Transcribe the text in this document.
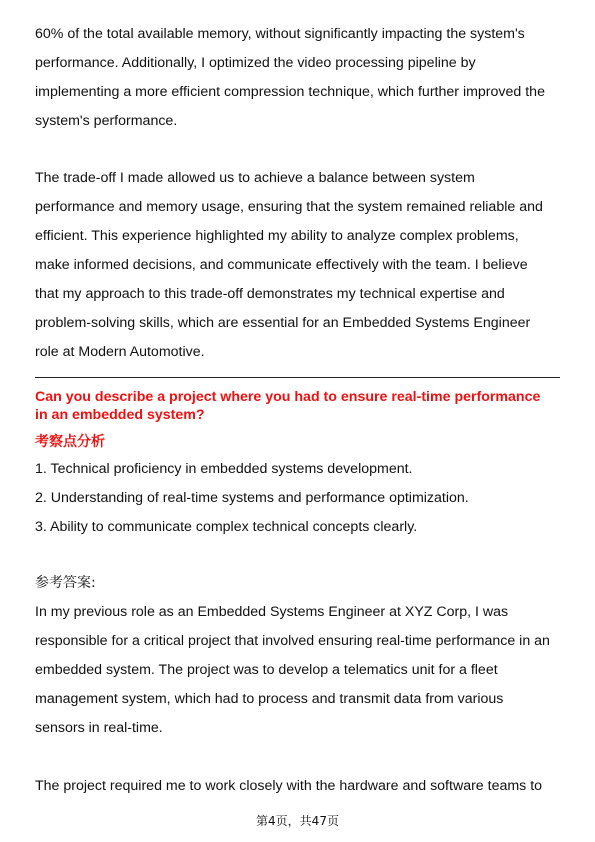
60% of the total available memory, without significantly impacting the system's
performance. Additionally, I optimized the video processing pipeline by
implementing a more efficient compression technique, which further improved the
system's performance.

The trade-off I made allowed us to achieve a balance between system
performance and memory usage, ensuring that the system remained reliable and
efficient. This experience highlighted my ability to analyze complex problems,
make informed decisions, and communicate effectively with the team. I believe
that my approach to this trade-off demonstrates my technical expertise and
problem-solving skills, which are essential for an Embedded Systems Engineer
role at Modern Automotive.

Can you describe a project where you had to ensure real-time performance
in an embedded system?
考察点分析
1. Technical proficiency in embedded systems development.
2. Understanding of real-time systems and performance optimization.
3. Ability to communicate complex technical concepts clearly.

参考答案:

In my previous role as an Embedded Systems Engineer at XYZ Corp, I was
responsible for a critical project that involved ensuring real-time performance in an
embedded system. The project was to develop a telematics unit for a fleet
management system, which had to process and transmit data from various
sensors in real-time.

The project required me to work closely with the hardware and software teams to

第4页，共47页
